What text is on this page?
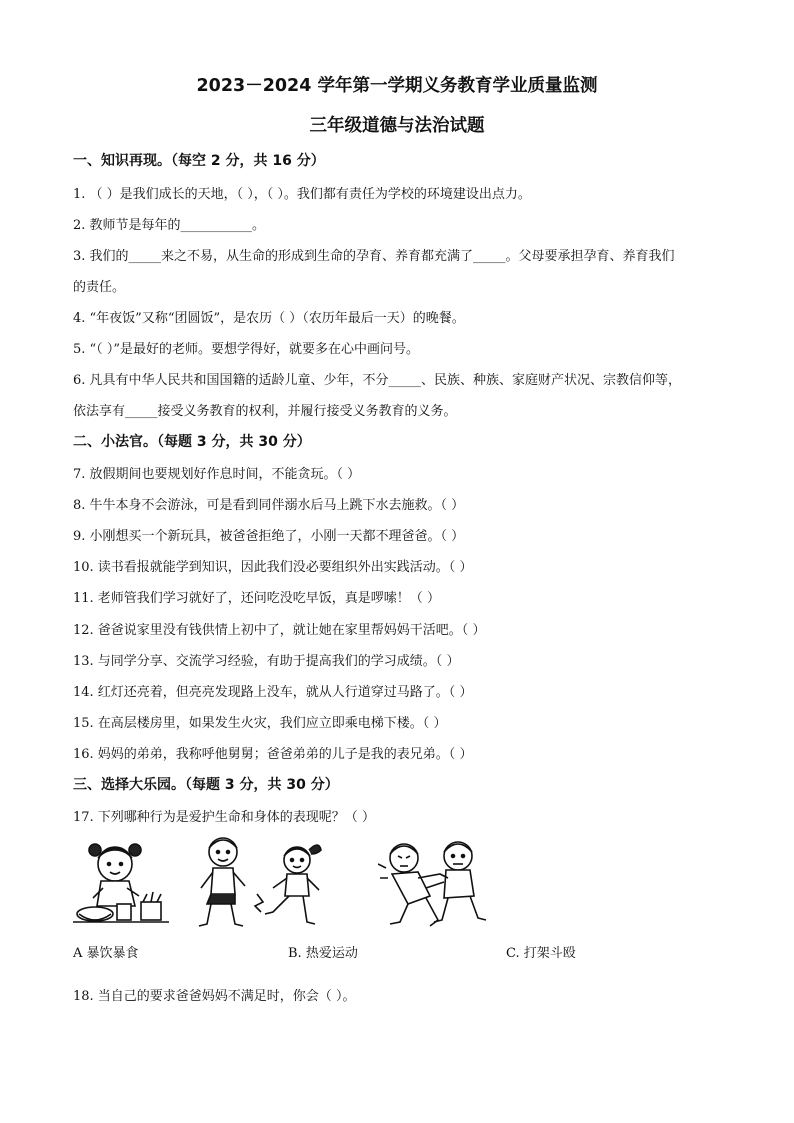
2023－2024 学年第一学期义务教育学业质量监测
三年级道德与法治试题
一、知识再现。（每空 2 分，共 16 分）
1. （ ）是我们成长的天地，（ ），（ ）。我们都有责任为学校的环境建设出点力。
2. 教师节是每年的___________。
3. 我们的_____来之不易，从生命的形成到生命的孕育、养育都充满了_____。父母要承担孕育、养育我们
的责任。
4. “年夜饭”又称“团圆饭”，是农历（ ）（农历年最后一天）的晚餐。
5. “（ ）”是最好的老师。要想学得好，就要多在心中画问号。
6. 凡具有中华人民共和国国籍的适龄儿童、少年，不分_____、民族、种族、家庭财产状况、宗教信仰等，
依法享有_____接受义务教育的权利，并履行接受义务教育的义务。
二、小法官。（每题 3 分，共 30 分）
7. 放假期间也要规划好作息时间，不能贪玩。（ ）
8. 牛牛本身不会游泳，可是看到同伴溺水后马上跳下水去施救。（ ）
9. 小刚想买一个新玩具，被爸爸拒绝了，小刚一天都不理爸爸。（ ）
10. 读书看报就能学到知识，因此我们没必要组织外出实践活动。（ ）
11. 老师管我们学习就好了，还问吃没吃早饭，真是啰嗦！（ ）
12. 爸爸说家里没有钱供情上初中了，就让她在家里帮妈妈干活吧。（ ）
13. 与同学分享、交流学习经验，有助于提高我们的学习成绩。（ ）
14. 红灯还亮着，但亮亮发现路上没车，就从人行道穿过马路了。（ ）
15. 在高层楼房里，如果发生火灾，我们应立即乘电梯下楼。（ ）
16. 妈妈的弟弟，我称呼他舅舅；爸爸弟弟的儿子是我的表兄弟。（ ）
三、选择大乐园。（每题 3 分，共 30 分）
17. 下列哪种行为是爱护生命和身体的表现呢？（ ）
A 暴饮暴食	B. 热爱运动	C. 打架斗殴
18. 当自己的要求爸爸妈妈不满足时，你会（ ）。
